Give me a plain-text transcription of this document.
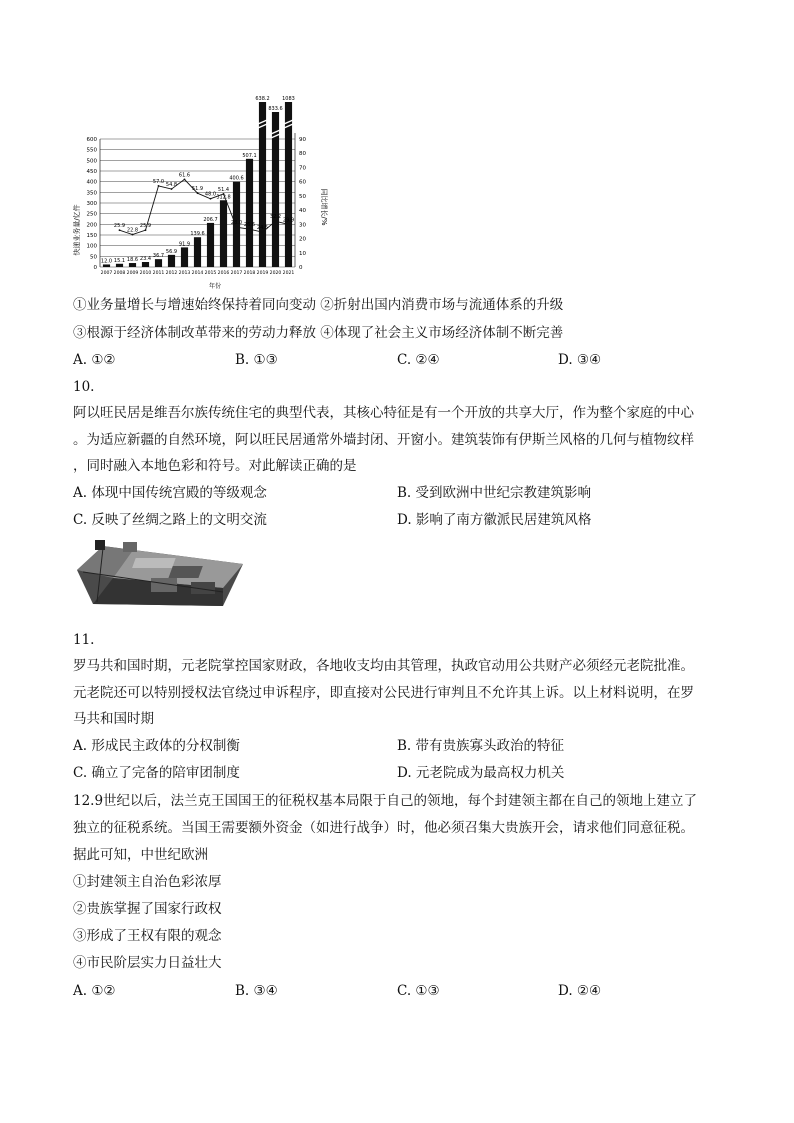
0
50
100
150
200
250
300
350
400
450
500
550
600
0
10
20
30
40
50
60
70
80
90
12.0
2007
15.1
2008
18.6
2009
23.4
2010
36.7
2011
56.9
2012
91.9
2013
139.6
2014
206.7
2015
312.8
2016
400.6
2017
507.1
2018
638.2
2019
833.6
2020
1083
2021
25.9
22.8
25.9
57.0
54.8
61.6
51.9
48.0
51.4
28.0 26.6 24.5
32.2
29.9
快递业务量/亿件	同比增长/%
年份
①业务量增长与增速始终保持着同向变动 ②折射出国内消费市场与流通体系的升级
③根源于经济体制改革带来的劳动力释放 ④体现了社会主义市场经济体制不断完善
A. ①②	B. ①③	C. ②④	D. ③④
10.
阿以旺民居是维吾尔族传统住宅的典型代表，其核心特征是有一个开放的共享大厅，作为整个家庭的中心
。为适应新疆的自然环境，阿以旺民居通常外墙封闭、开窗小。建筑装饰有伊斯兰风格的几何与植物纹样
，同时融入本地色彩和符号。对此解读正确的是
A. 体现中国传统宫殿的等级观念	B. 受到欧洲中世纪宗教建筑影响
C. 反映了丝绸之路上的文明交流	D. 影响了南方徽派民居建筑风格
11.
罗马共和国时期，元老院掌控国家财政，各地收支均由其管理，执政官动用公共财产必须经元老院批准。
元老院还可以特别授权法官绕过申诉程序，即直接对公民进行审判且不允许其上诉。以上材料说明，在罗
马共和国时期
A. 形成民主政体的分权制衡	B. 带有贵族寡头政治的特征
C. 确立了完备的陪审团制度	D. 元老院成为最高权力机关
12.9世纪以后，法兰克王国国王的征税权基本局限于自己的领地，每个封建领主都在自己的领地上建立了
独立的征税系统。当国王需要额外资金（如进行战争）时，他必须召集大贵族开会，请求他们同意征税。
据此可知，中世纪欧洲
①封建领主自治色彩浓厚
②贵族掌握了国家行政权
③形成了王权有限的观念
④市民阶层实力日益壮大
A. ①②	B. ③④	C. ①③	D. ②④
